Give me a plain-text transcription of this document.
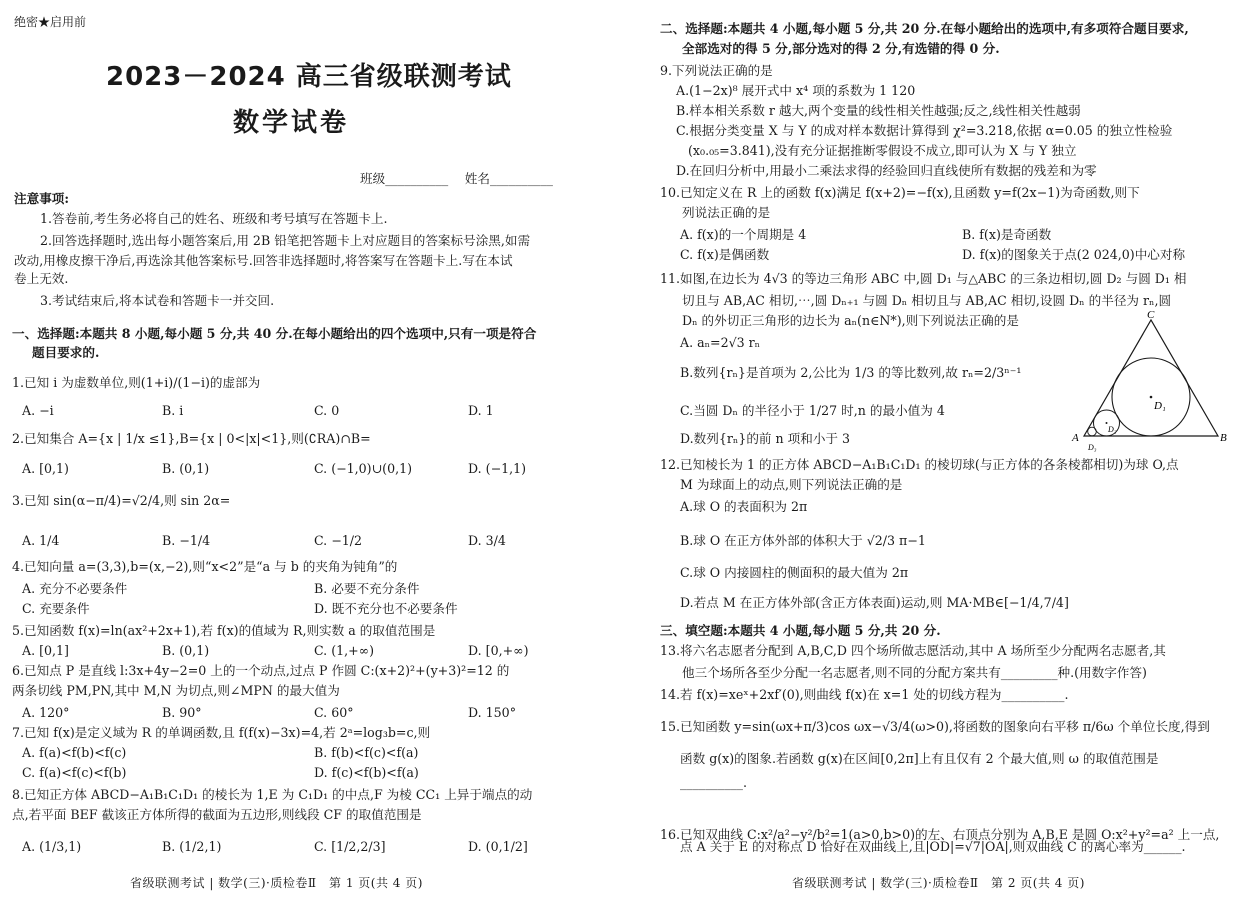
绝密★启用前
2023－2024 高三省级联测考试
数学试卷
班级__________　 姓名__________
注意事项:
1.答卷前,考生务必将自己的姓名、班级和考号填写在答题卡上.
2.回答选择题时,选出每小题答案后,用 2B 铅笔把答题卡上对应题目的答案标号涂黑,如需
改动,用橡皮擦干净后,再选涂其他答案标号.回答非选择题时,将答案写在答题卡上.写在本试
卷上无效.
3.考试结束后,将本试卷和答题卡一并交回.
一、选择题:本题共 8 小题,每小题 5 分,共 40 分.在每小题给出的四个选项中,只有一项是符合
题目要求的.
1.已知 i 为虚数单位,则(1+i)/(1−i)的虚部为
A. −i	B. i	C. 0	D. 1
2.已知集合 A={x | 1/x ≤1},B={x | 0<|x|<1},则(∁RA)∩B=
A. [0,1)	B. (0,1)	C. (−1,0)∪(0,1)	D. (−1,1)
3.已知 sin(α−π/4)=√2/4,则 sin 2α=
A. 1/4	B. −1/4	C. −1/2	D. 3/4
4.已知向量 a=(3,3),b=(x,−2),则“x<2”是“a 与 b 的夹角为钝角”的
A. 充分不必要条件	B. 必要不充分条件
C. 充要条件	D. 既不充分也不必要条件
5.已知函数 f(x)=ln(ax²+2x+1),若 f(x)的值域为 R,则实数 a 的取值范围是
A. [0,1]	B. (0,1)	C. (1,+∞)	D. [0,+∞)
6.已知点 P 是直线 l:3x+4y−2=0 上的一个动点,过点 P 作圆 C:(x+2)²+(y+3)²=12 的
两条切线 PM,PN,其中 M,N 为切点,则∠MPN 的最大值为
A. 120°	B. 90°	C. 60°	D. 150°
7.已知 f(x)是定义域为 R 的单调函数,且 f(f(x)−3x)=4,若 2ᵃ=log₃b=c,则
A. f(a)<f(b)<f(c)	B. f(b)<f(c)<f(a)
C. f(a)<f(c)<f(b)	D. f(c)<f(b)<f(a)
8.已知正方体 ABCD−A₁B₁C₁D₁ 的棱长为 1,E 为 C₁D₁ 的中点,F 为棱 CC₁ 上异于端点的动
点,若平面 BEF 截该正方体所得的截面为五边形,则线段 CF 的取值范围是
A. (1/3,1)	B. (1/2,1)	C. [1/2,2/3]	D. (0,1/2]
省级联测考试 | 数学(三)·质检卷Ⅱ　第 1 页(共 4 页)
二、选择题:本题共 4 小题,每小题 5 分,共 20 分.在每小题给出的选项中,有多项符合题目要求,
全部选对的得 5 分,部分选对的得 2 分,有选错的得 0 分.
9.下列说法正确的是
A.(1−2x)⁸ 展开式中 x⁴ 项的系数为 1 120
B.样本相关系数 r 越大,两个变量的线性相关性越强;反之,线性相关性越弱
C.根据分类变量 X 与 Y 的成对样本数据计算得到 χ²=3.218,依据 α=0.05 的独立性检验
(x₀.₀₅=3.841),没有充分证据推断零假设不成立,即可认为 X 与 Y 独立
D.在回归分析中,用最小二乘法求得的经验回归直线使所有数据的残差和为零
10.已知定义在 R 上的函数 f(x)满足 f(x+2)=−f(x),且函数 y=f(2x−1)为奇函数,则下
列说法正确的是
A. f(x)的一个周期是 4	B. f(x)是奇函数
C. f(x)是偶函数	D. f(x)的图象关于点(2 024,0)中心对称
11.如图,在边长为 4√3 的等边三角形 ABC 中,圆 D₁ 与△ABC 的三条边相切,圆 D₂ 与圆 D₁ 相
切且与 AB,AC 相切,⋯,圆 Dₙ₊₁ 与圆 Dₙ 相切且与 AB,AC 相切,设圆 Dₙ 的半径为 rₙ,圆
Dₙ 的外切正三角形的边长为 aₙ(n∈N*),则下列说法正确的是
A. aₙ=2√3 rₙ
B.数列{rₙ}是首项为 2,公比为 1/3 的等比数列,故 rₙ=2/3ⁿ⁻¹
C.当圆 Dₙ 的半径小于 1/27 时,n 的最小值为 4
D.数列{rₙ}的前 n 项和小于 3
12.已知棱长为 1 的正方体 ABCD−A₁B₁C₁D₁ 的棱切球(与正方体的各条棱都相切)为球 O,点
M 为球面上的动点,则下列说法正确的是
A.球 O 的表面积为 2π
B.球 O 在正方体外部的体积大于 √2/3 π−1
C.球 O 内接圆柱的侧面积的最大值为 2π
D.若点 M 在正方体外部(含正方体表面)运动,则 MA·MB∈[−1/4,7/4]
三、填空题:本题共 4 小题,每小题 5 分,共 20 分.
13.将六名志愿者分配到 A,B,C,D 四个场所做志愿活动,其中 A 场所至少分配两名志愿者,其
他三个场所各至少分配一名志愿者,则不同的分配方案共有_________种.(用数字作答)
14.若 f(x)=xeˣ+2xf′(0),则曲线 f(x)在 x=1 处的切线方程为__________.
15.已知函数 y=sin(ωx+π/3)cos ωx−√3/4(ω>0),将函数的图象向右平移 π/6ω 个单位长度,得到
函数 g(x)的图象.若函数 g(x)在区间[0,2π]上有且仅有 2 个最大值,则 ω 的取值范围是
__________.
16.已知双曲线 C:x²/a²−y²/b²=1(a>0,b>0)的左、右顶点分别为 A,B,E 是圆 O:x²+y²=a² 上一点,
点 A 关于 E 的对称点 D 恰好在双曲线上,且|OD|=√7|OA|,则双曲线 C 的离心率为______.
省级联测考试 | 数学(三)·质检卷Ⅱ　第 2 页(共 4 页)
C
A	B
D₁
D₂
D₃
